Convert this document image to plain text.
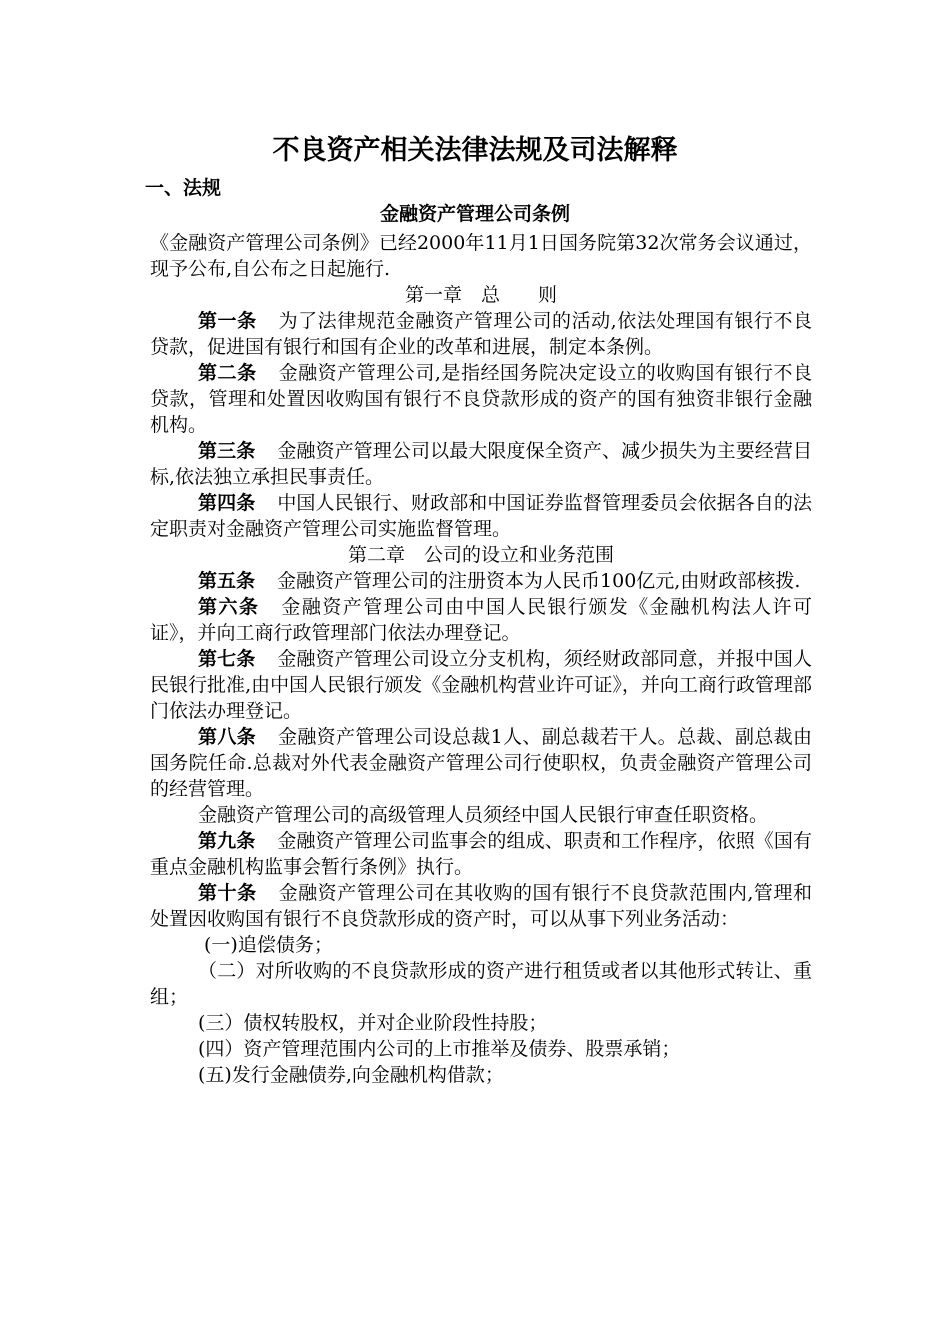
不良资产相关法律法规及司法解释
一、法规
金融资产管理公司条例

《金融资产管理公司条例》已经2000年11月1日国务院第32次常务会议通过，现予公布,自公布之日起施行.

第一章　总　　则

第一条 为了法律规范金融资产管理公司的活动,依法处理国有银行不良贷款，促进国有银行和国有企业的改革和进展，制定本条例。

第二条 金融资产管理公司,是指经国务院决定设立的收购国有银行不良贷款，管理和处置因收购国有银行不良贷款形成的资产的国有独资非银行金融机构。

第三条 金融资产管理公司以最大限度保全资产、减少损失为主要经营目标,依法独立承担民事责任。

第四条 中国人民银行、财政部和中国证券监督管理委员会依据各自的法定职责对金融资产管理公司实施监督管理。

第二章　公司的设立和业务范围

第五条 金融资产管理公司的注册资本为人民币100亿元,由财政部核拨.

第六条 金融资产管理公司由中国人民银行颁发《金融机构法人许可证》，并向工商行政管理部门依法办理登记。

第七条 金融资产管理公司设立分支机构，须经财政部同意，并报中国人民银行批准,由中国人民银行颁发《金融机构营业许可证》，并向工商行政管理部门依法办理登记。

第八条 金融资产管理公司设总裁1人、副总裁若干人。总裁、副总裁由国务院任命.总裁对外代表金融资产管理公司行使职权，负责金融资产管理公司的经营管理。

金融资产管理公司的高级管理人员须经中国人民银行审查任职资格。

第九条 金融资产管理公司监事会的组成、职责和工作程序，依照《国有重点金融机构监事会暂行条例》执行。

第十条 金融资产管理公司在其收购的国有银行不良贷款范围内,管理和处置因收购国有银行不良贷款形成的资产时，可以从事下列业务活动：

(一)追偿债务；

（二）对所收购的不良贷款形成的资产进行租赁或者以其他形式转让、重组；

(三）债权转股权，并对企业阶段性持股；

(四）资产管理范围内公司的上市推举及债券、股票承销；

(五)发行金融债券,向金融机构借款；
